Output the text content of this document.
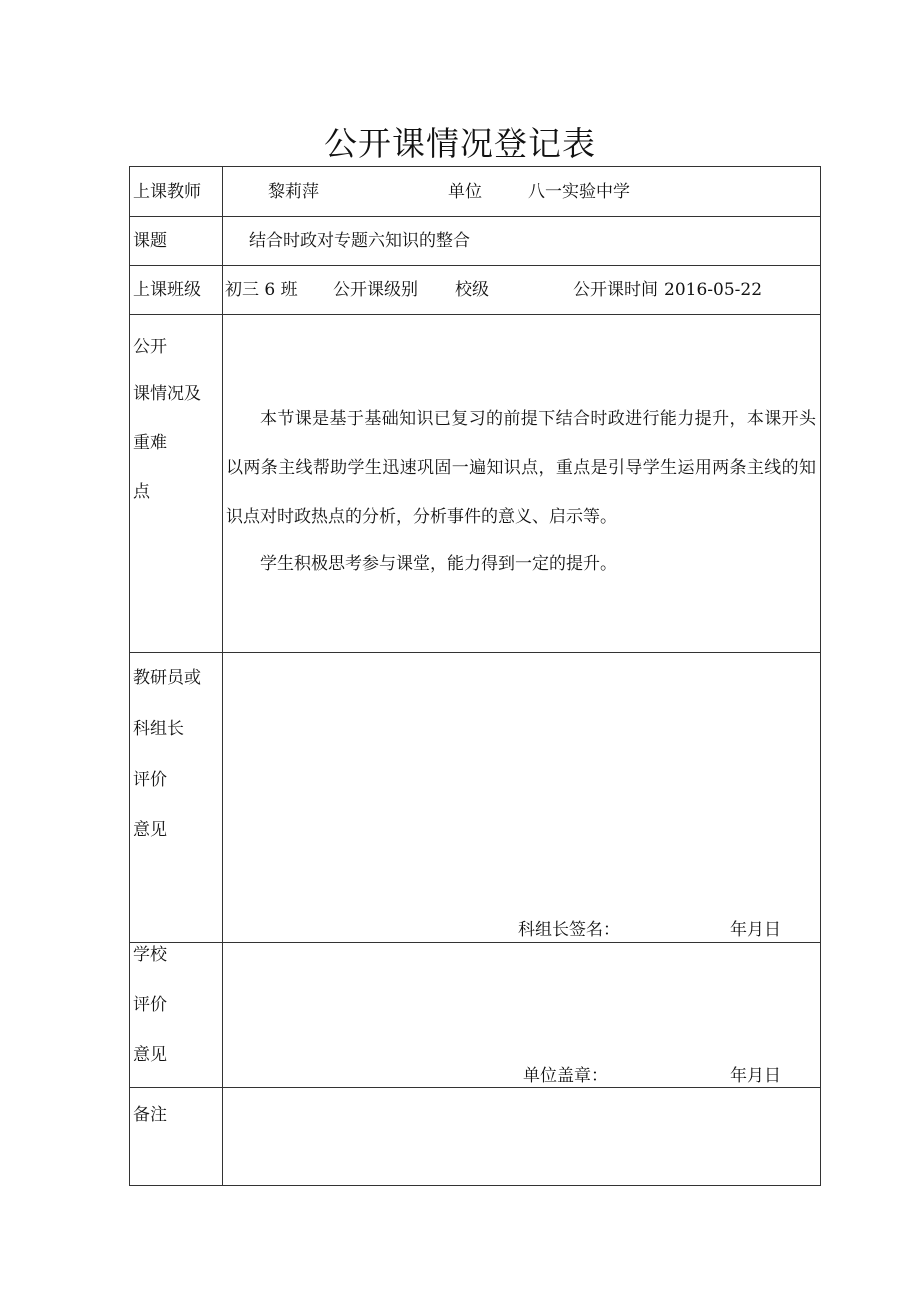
公开课情况登记表
上课教师	黎莉萍	单位	八一实验中学
课题	结合时政对专题六知识的整合
上课班级 初三 6 班 公开课级别 校级	公开课时间 2016-05-22
公开
课情况及
重难
点
本节课是基于基础知识已复习的前提下结合时政进行能力提升，本课开头以两条主线帮助学生迅速巩固一遍知识点，重点是引导学生运用两条主线的知识点对时政热点的分析，分析事件的意义、启示等。
学生积极思考参与课堂，能力得到一定的提升。
教研员或
科组长
评价
意见
科组长签名：	年月日
学校
评价
意见
单位盖章：	年月日
备注
